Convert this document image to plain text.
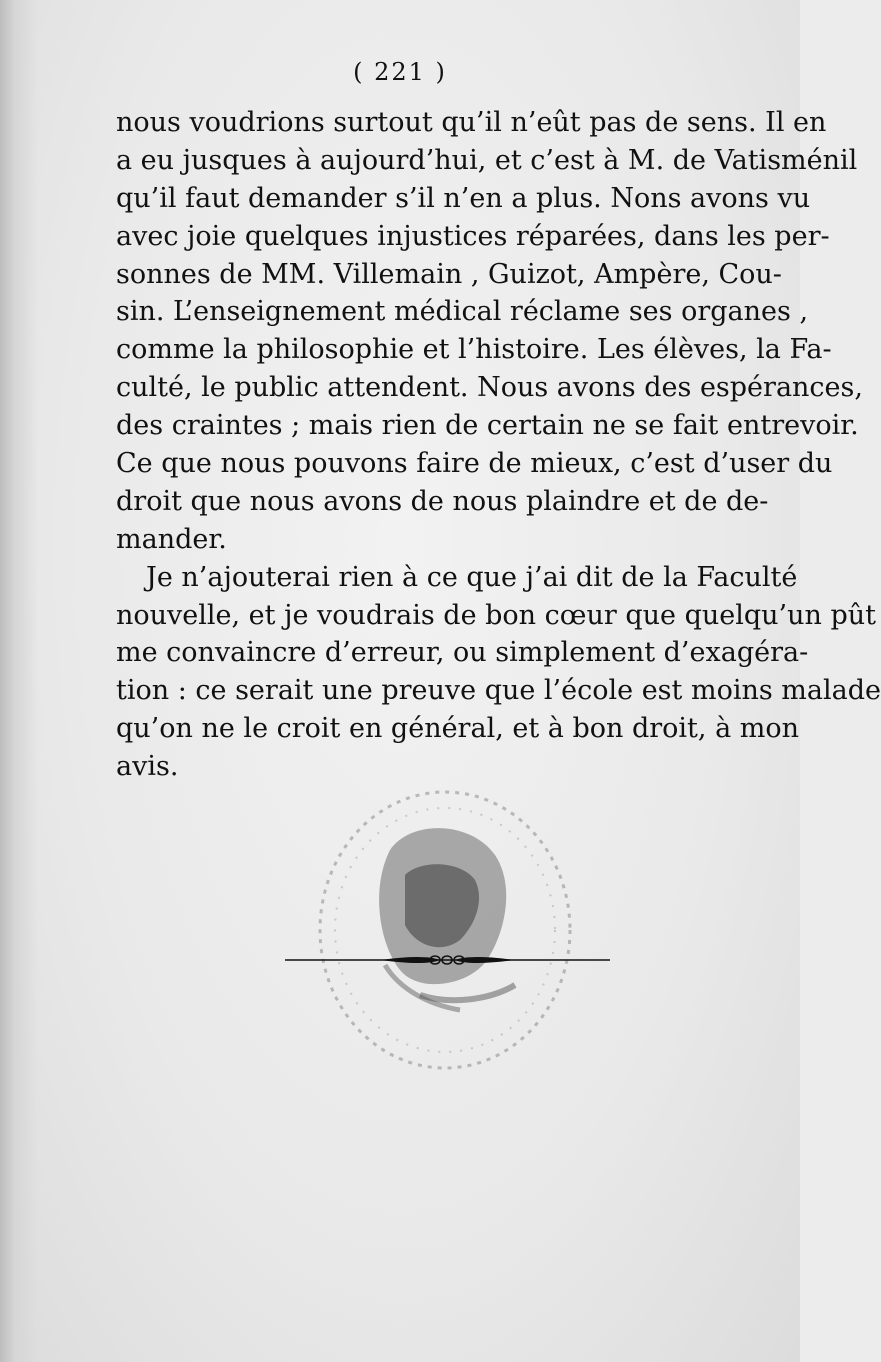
( 221 )
nous voudrions surtout qu’il n’eût pas de sens. Il en
a eu jusques à aujourd’hui, et c’est à M. de Vatisménil
qu’il faut demander s’il n’en a plus. Nons avons vu
avec joie quelques injustices réparées, dans les per-
sonnes de MM. Villemain , Guizot, Ampère, Cou-
sin. L’enseignement médical réclame ses organes ,
comme la philosophie et l’histoire. Les élèves, la Fa-
culté, le public attendent. Nous avons des espérances,
des craintes ; mais rien de certain ne se fait entrevoir.
Ce que nous pouvons faire de mieux, c’est d’user du
droit que nous avons de nous plaindre et de de-
mander.
Je n’ajouterai rien à ce que j’ai dit de la Faculté
nouvelle, et je voudrais de bon cœur que quelqu’un pût
me convaincre d’erreur, ou simplement d’exagéra-
tion : ce serait une preuve que l’école est moins malade
qu’on ne le croit en général, et à bon droit, à mon
avis.
